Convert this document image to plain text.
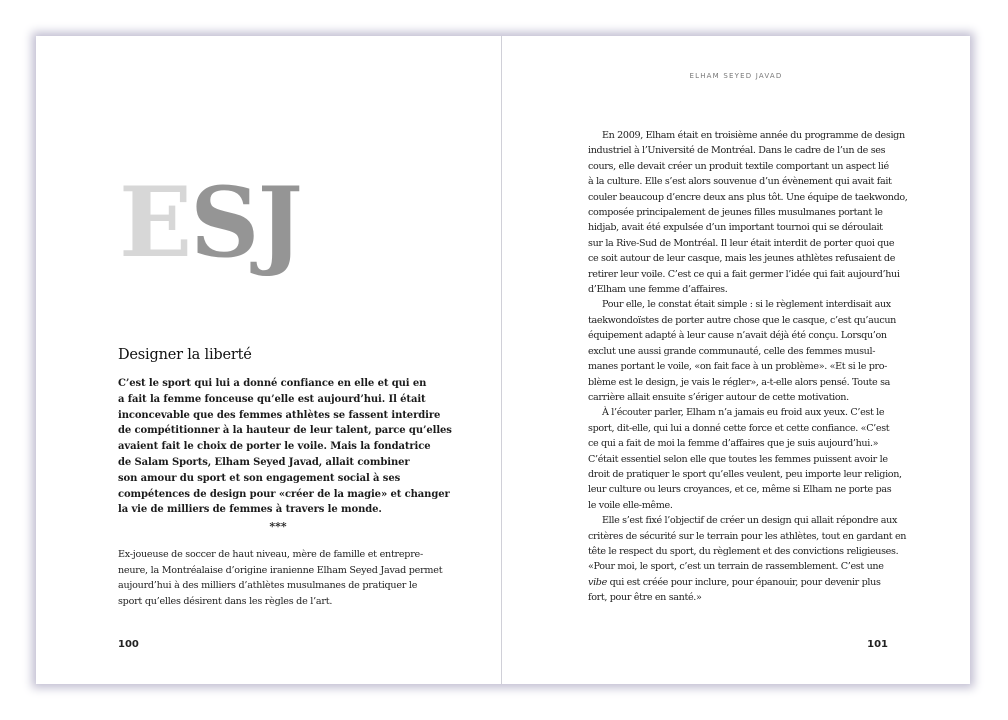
ESJ
Designer la liberté
C’est le sport qui lui a donné confiance en elle et qui en
a fait la femme fonceuse qu’elle est aujourd’hui. Il était
inconcevable que des femmes athlètes se fassent interdire
de compétitionner à la hauteur de leur talent, parce qu’elles
avaient fait le choix de porter le voile. Mais la fondatrice
de Salam Sports, Elham Seyed Javad, allait combiner
son amour du sport et son engagement social à ses
compétences de design pour «créer de la magie» et changer
la vie de milliers de femmes à travers le monde.
***
Ex-joueuse de soccer de haut niveau, mère de famille et entrepre-
neure, la Montréalaise d’origine iranienne Elham Seyed Javad permet
aujourd’hui à des milliers d’athlètes musulmanes de pratiquer le
sport qu’elles désirent dans les règles de l’art.
100
ELHAM SEYED JAVAD
En 2009, Elham était en troisième année du programme de design
industriel à l’Université de Montréal. Dans le cadre de l’un de ses
cours, elle devait créer un produit textile comportant un aspect lié
à la culture. Elle s’est alors souvenue d’un évènement qui avait fait
couler beaucoup d’encre deux ans plus tôt. Une équipe de taekwondo,
composée principalement de jeunes filles musulmanes portant le
hidjab, avait été expulsée d’un important tournoi qui se déroulait
sur la Rive-Sud de Montréal. Il leur était interdit de porter quoi que
ce soit autour de leur casque, mais les jeunes athlètes refusaient de
retirer leur voile. C’est ce qui a fait germer l’idée qui fait aujourd’hui
d’Elham une femme d’affaires.
Pour elle, le constat était simple : si le règlement interdisait aux
taekwondoïstes de porter autre chose que le casque, c’est qu’aucun
équipement adapté à leur cause n’avait déjà été conçu. Lorsqu’on
exclut une aussi grande communauté, celle des femmes musul-
manes portant le voile, «on fait face à un problème». «Et si le pro-
blème est le design, je vais le régler», a-t-elle alors pensé. Toute sa
carrière allait ensuite s’ériger autour de cette motivation.
À l’écouter parler, Elham n’a jamais eu froid aux yeux. C’est le
sport, dit-elle, qui lui a donné cette force et cette confiance. «C’est
ce qui a fait de moi la femme d’affaires que je suis aujourd’hui.»
C’était essentiel selon elle que toutes les femmes puissent avoir le
droit de pratiquer le sport qu’elles veulent, peu importe leur religion,
leur culture ou leurs croyances, et ce, même si Elham ne porte pas
le voile elle-même.
Elle s’est fixé l’objectif de créer un design qui allait répondre aux
critères de sécurité sur le terrain pour les athlètes, tout en gardant en
tête le respect du sport, du règlement et des convictions religieuses.
«Pour moi, le sport, c’est un terrain de rassemblement. C’est une
vibe qui est créée pour inclure, pour épanouir, pour devenir plus
fort, pour être en santé.»
101
